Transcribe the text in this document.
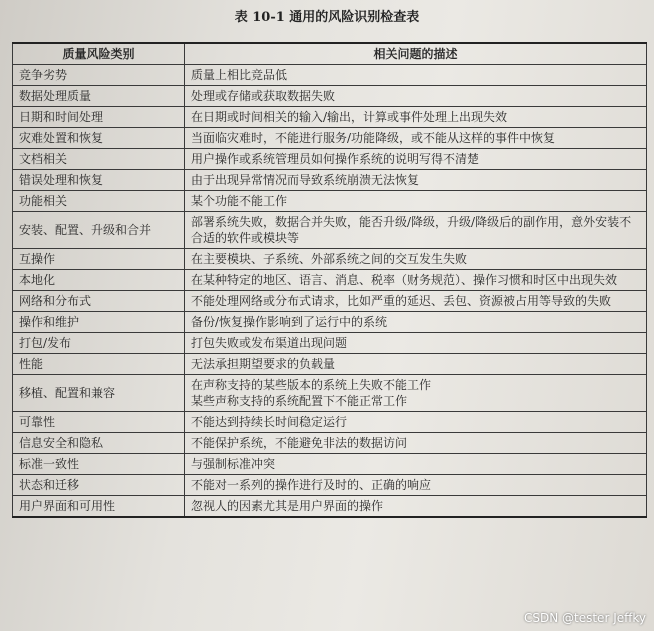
表 10-1 通用的风险识别检查表
质量风险类别	相关问题的描述
竞争劣势	质量上相比竞品低
数据处理质量	处理或存储或获取数据失败
日期和时间处理	在日期或时间相关的输入/输出，计算或事件处理上出现失效
灾难处置和恢复	当面临灾难时，不能进行服务/功能降级，或不能从这样的事件中恢复
文档相关	用户操作或系统管理员如何操作系统的说明写得不清楚
错误处理和恢复	由于出现异常情况而导致系统崩溃无法恢复
功能相关	某个功能不能工作
安装、配置、升级和合并	部署系统失败，数据合并失败，能否升级/降级，升级/降级后的副作用，意外安装不合适的软件或模块等
互操作	在主要模块、子系统、外部系统之间的交互发生失败
本地化	在某种特定的地区、语言、消息、税率（财务规范）、操作习惯和时区中出现失效
网络和分布式	不能处理网络或分布式请求，比如严重的延迟、丢包、资源被占用等导致的失败
操作和维护	备份/恢复操作影响到了运行中的系统
打包/发布	打包失败或发布渠道出现问题
性能	无法承担期望要求的负载量
移植、配置和兼容	在声称支持的某些版本的系统上失败不能工作
某些声称支持的系统配置下不能正常工作
可靠性	不能达到持续长时间稳定运行
信息安全和隐私	不能保护系统，不能避免非法的数据访问
标准一致性	与强制标准冲突
状态和迁移	不能对一系列的操作进行及时的、正确的响应
用户界面和可用性	忽视人的因素尤其是用户界面的操作
CSDN @tester Jeffky
